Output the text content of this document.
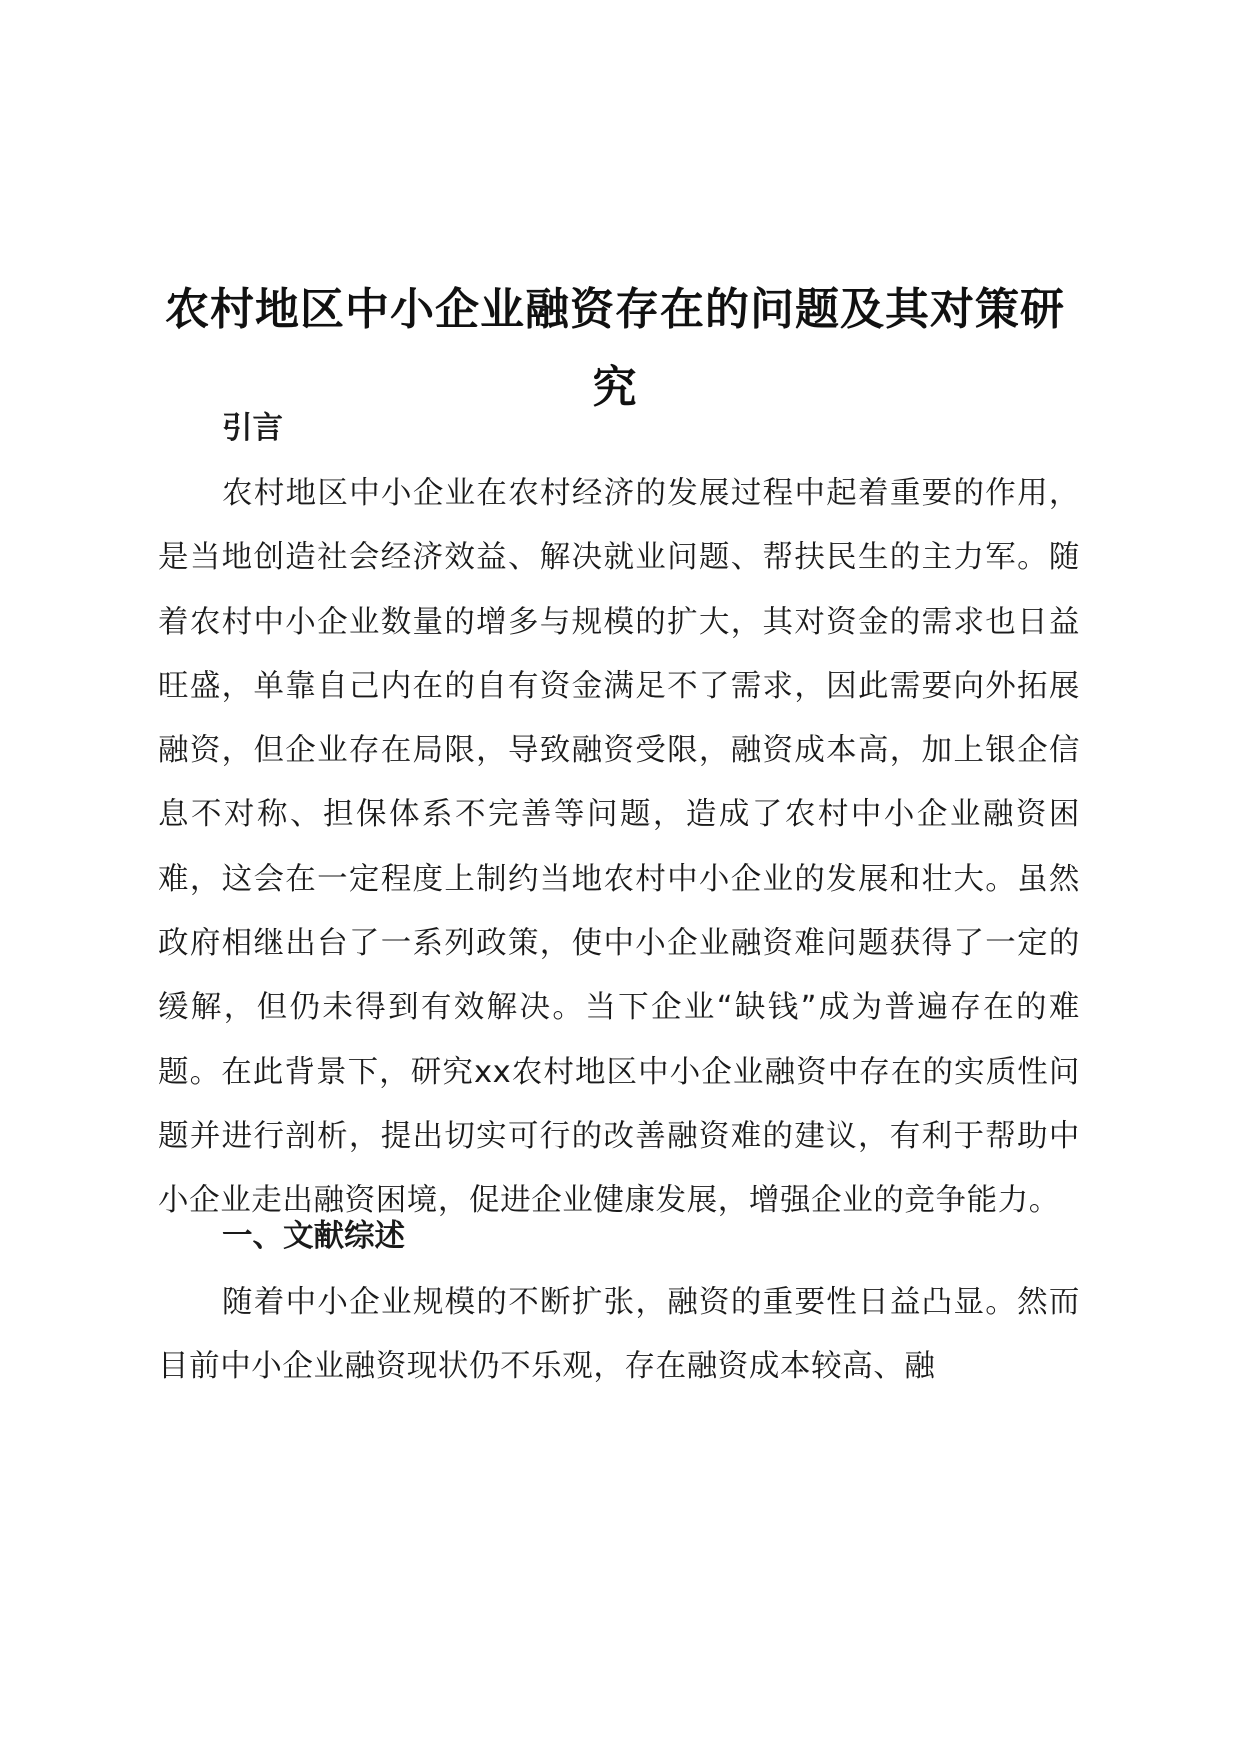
农村地区中小企业融资存在的问题及其对策研究
引言

农村地区中小企业在农村经济的发展过程中起着重要的作用，是当地创造社会经济效益、解决就业问题、帮扶民生的主力军。随着农村中小企业数量的增多与规模的扩大，其对资金的需求也日益旺盛，单靠自己内在的自有资金满足不了需求，因此需要向外拓展融资，但企业存在局限，导致融资受限，融资成本高，加上银企信息不对称、担保体系不完善等问题，造成了农村中小企业融资困难，这会在一定程度上制约当地农村中小企业的发展和壮大。虽然政府相继出台了一系列政策，使中小企业融资难问题获得了一定的缓解，但仍未得到有效解决。当下企业“缺钱”成为普遍存在的难题。在此背景下，研究xx农村地区中小企业融资中存在的实质性问题并进行剖析，提出切实可行的改善融资难的建议，有利于帮助中小企业走出融资困境，促进企业健康发展，增强企业的竞争能力。

一、文献综述

随着中小企业规模的不断扩张，融资的重要性日益凸显。然而目前中小企业融资现状仍不乐观，存在融资成本较高、融
